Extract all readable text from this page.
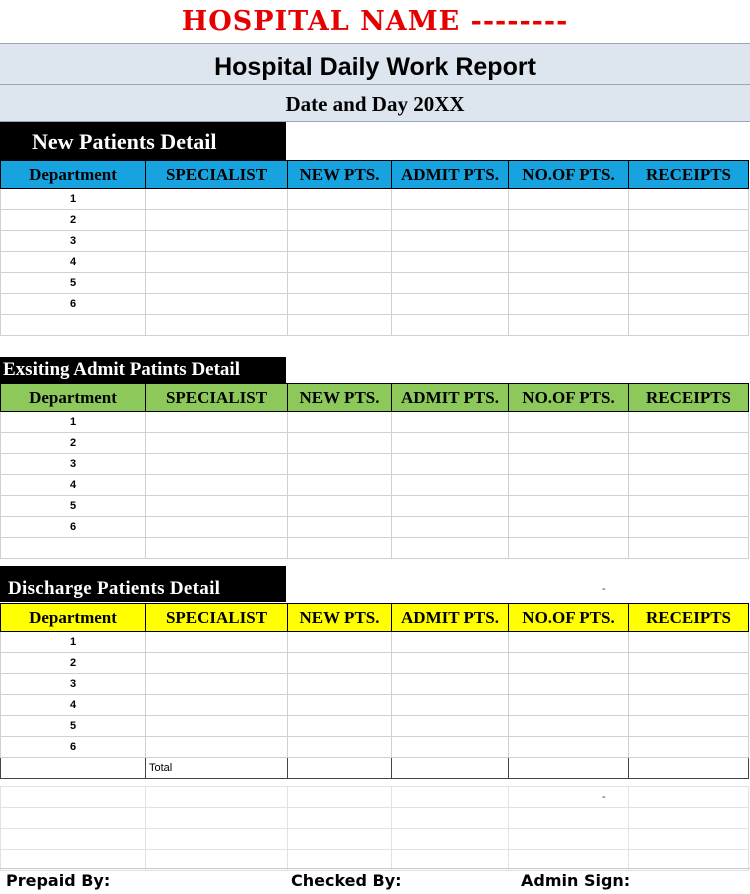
HOSPITAL NAME --------
Hospital Daily Work Report
Date and Day 20XX
New Patients Detail
Department	SPECIALIST	NEW PTS.	ADMIT PTS.	NO.OF PTS.	RECEIPTS
1					
2					
3					
4					
5					
6					

Exsiting Admit Patints Detail
Department	SPECIALIST	NEW PTS.	ADMIT PTS.	NO.OF PTS.	RECEIPTS
1					
2					
3					
4					
5					
6					

Discharge Patients Detail	-
Department	SPECIALIST	NEW PTS.	ADMIT PTS.	NO.OF PTS.	RECEIPTS
1					
2					
3					
4					
5					
6					
	Total				

-
Prepaid By:	Checked By:	Admin Sign:
